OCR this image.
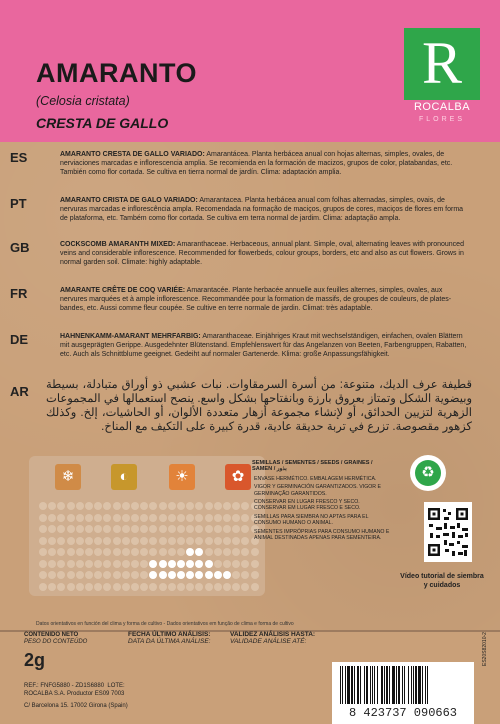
R
ROCALBA
FLORES
AMARANTO
(Celosia cristata)
CRESTA DE GALLO
ES	AMARANTO CRESTA DE GALLO VARIADO: Amarantácea. Planta herbácea anual con hojas alternas, simples, ovales, de nerviaciones marcadas e inflorescencia amplia. Se recomienda en la formación de macizos, grupos de color, platabandas, etc. También como flor cortada. Se cultiva en tierra normal de jardín. Clima: adaptación amplia.
PT	AMARANTO CRISTA DE GALO VARIADO: Amarantacea. Planta herbácea anual com folhas alternadas, simples, ovais, de nervuras marcadas e inflorescência ampla. Recomendada na formação de maciços, grupos de cores, maciços de flores em forma de plataforma, etc. Também como flor cortada. Se cultiva em terra normal de jardim. Clima: adaptação ampla.
GB	COCKSCOMB AMARANTH MIXED: Amaranthaceae. Herbaceous, annual plant. Simple, oval, alternating leaves with pronounced veins and considerable inflorescence. Recommended for flowerbeds, colour groups, borders, etc and also as cut flowers. Grows in normal garden soil. Climate: highly adaptable.
FR	AMARANTE CRÊTE DE COQ VARIÉE: Amarantacée. Plante herbacée annuelle aux feuilles alternes, simples, ovales, aux nervures marquées et à ample inflorescence. Recommandée pour la formation de massifs, de groupes de couleurs, de plates-bandes, etc. Aussi comme fleur coupée. Se cultive en terre normale de jardin. Climat: très adaptable.
DE	HAHNENKAMM-AMARANT MEHRFARBIG: Amaranthaceae. Einjähriges Kraut mit wechselständigen, einfachen, ovalen Blättern mit ausgeprägten Gerippe. Ausgedehnter Blütenstand. Empfehlenswert für das Angelanzen von Beeten, Farbengruppen, Rabatten, etc. Auch als Schnittblume geeignet. Gedeiht auf normaler Gartenerde. Klima: große Anpassungsfähigkeit.
AR قطيفة عرف الديك، متنوعة: من أسرة السرمقاوات. نبات عشبي ذو أوراق متبادلة، بسيطة وبيضوية الشكل وتمتاز بعروق بارزة وبانفتاحها بشكل واسع. ينصح استعمالها في المجموعات الزهرية لتزيين الحدائق، أو لإنشاء مجموعة أزهار متعددة الألوان، أو الحاشيات، إلخ. وكذلك كزهور مقصوصة. تزرع في تربة حديقة عادية، قدرة كبيرة على التكيف مع المناخ.
❄	◐	☀	✿
SEMILLAS / SEMENTES / SEEDS / GRAINES / SAMEN / بذور
ENVASE HERMÉTICO. EMBALAGEM HERMÉTICA.
VIGOR Y GERMINACIÓN GARANTIZADOS. VIGOR E GERMINAÇÃO GARANTIDOS.
CONSERVAR EN LUGAR FRESCO Y SECO. CONSERVAR EM LUGAR FRESCO E SECO.
SEMILLAS PARA SIEMBRA NO APTAS PARA EL CONSUMO HUMANO O ANIMAL.
SEMENTES IMPRÓPRIAS PARA CONSUMO HUMANO E ANIMAL DESTINADAS APENAS PARA SEMENTEIRA.
♻
Vídeo tutorial de siembra y cuidados
Datos orientativos en función del clima y forma de cultivo - Dados orientativos em função de clima e forma de cultivo
CONTENIDO NETO
PESO DO CONTEÚDO
2g
REF.: FNFG5880 - ZD1S6880 LOTE:
ROCALBA S.A. Productor ES09 7003
C/ Barcelona 15. 17002 Girona (Spain)
FECHA ÚLTIMO ANÁLISIS:
DATA DA ÚLTIMA ANÁLISE:
VALIDEZ ANÁLISIS HASTA:
VALIDADE ANÁLISE ATÉ:
8 423737 090663
ES20S82010-2
